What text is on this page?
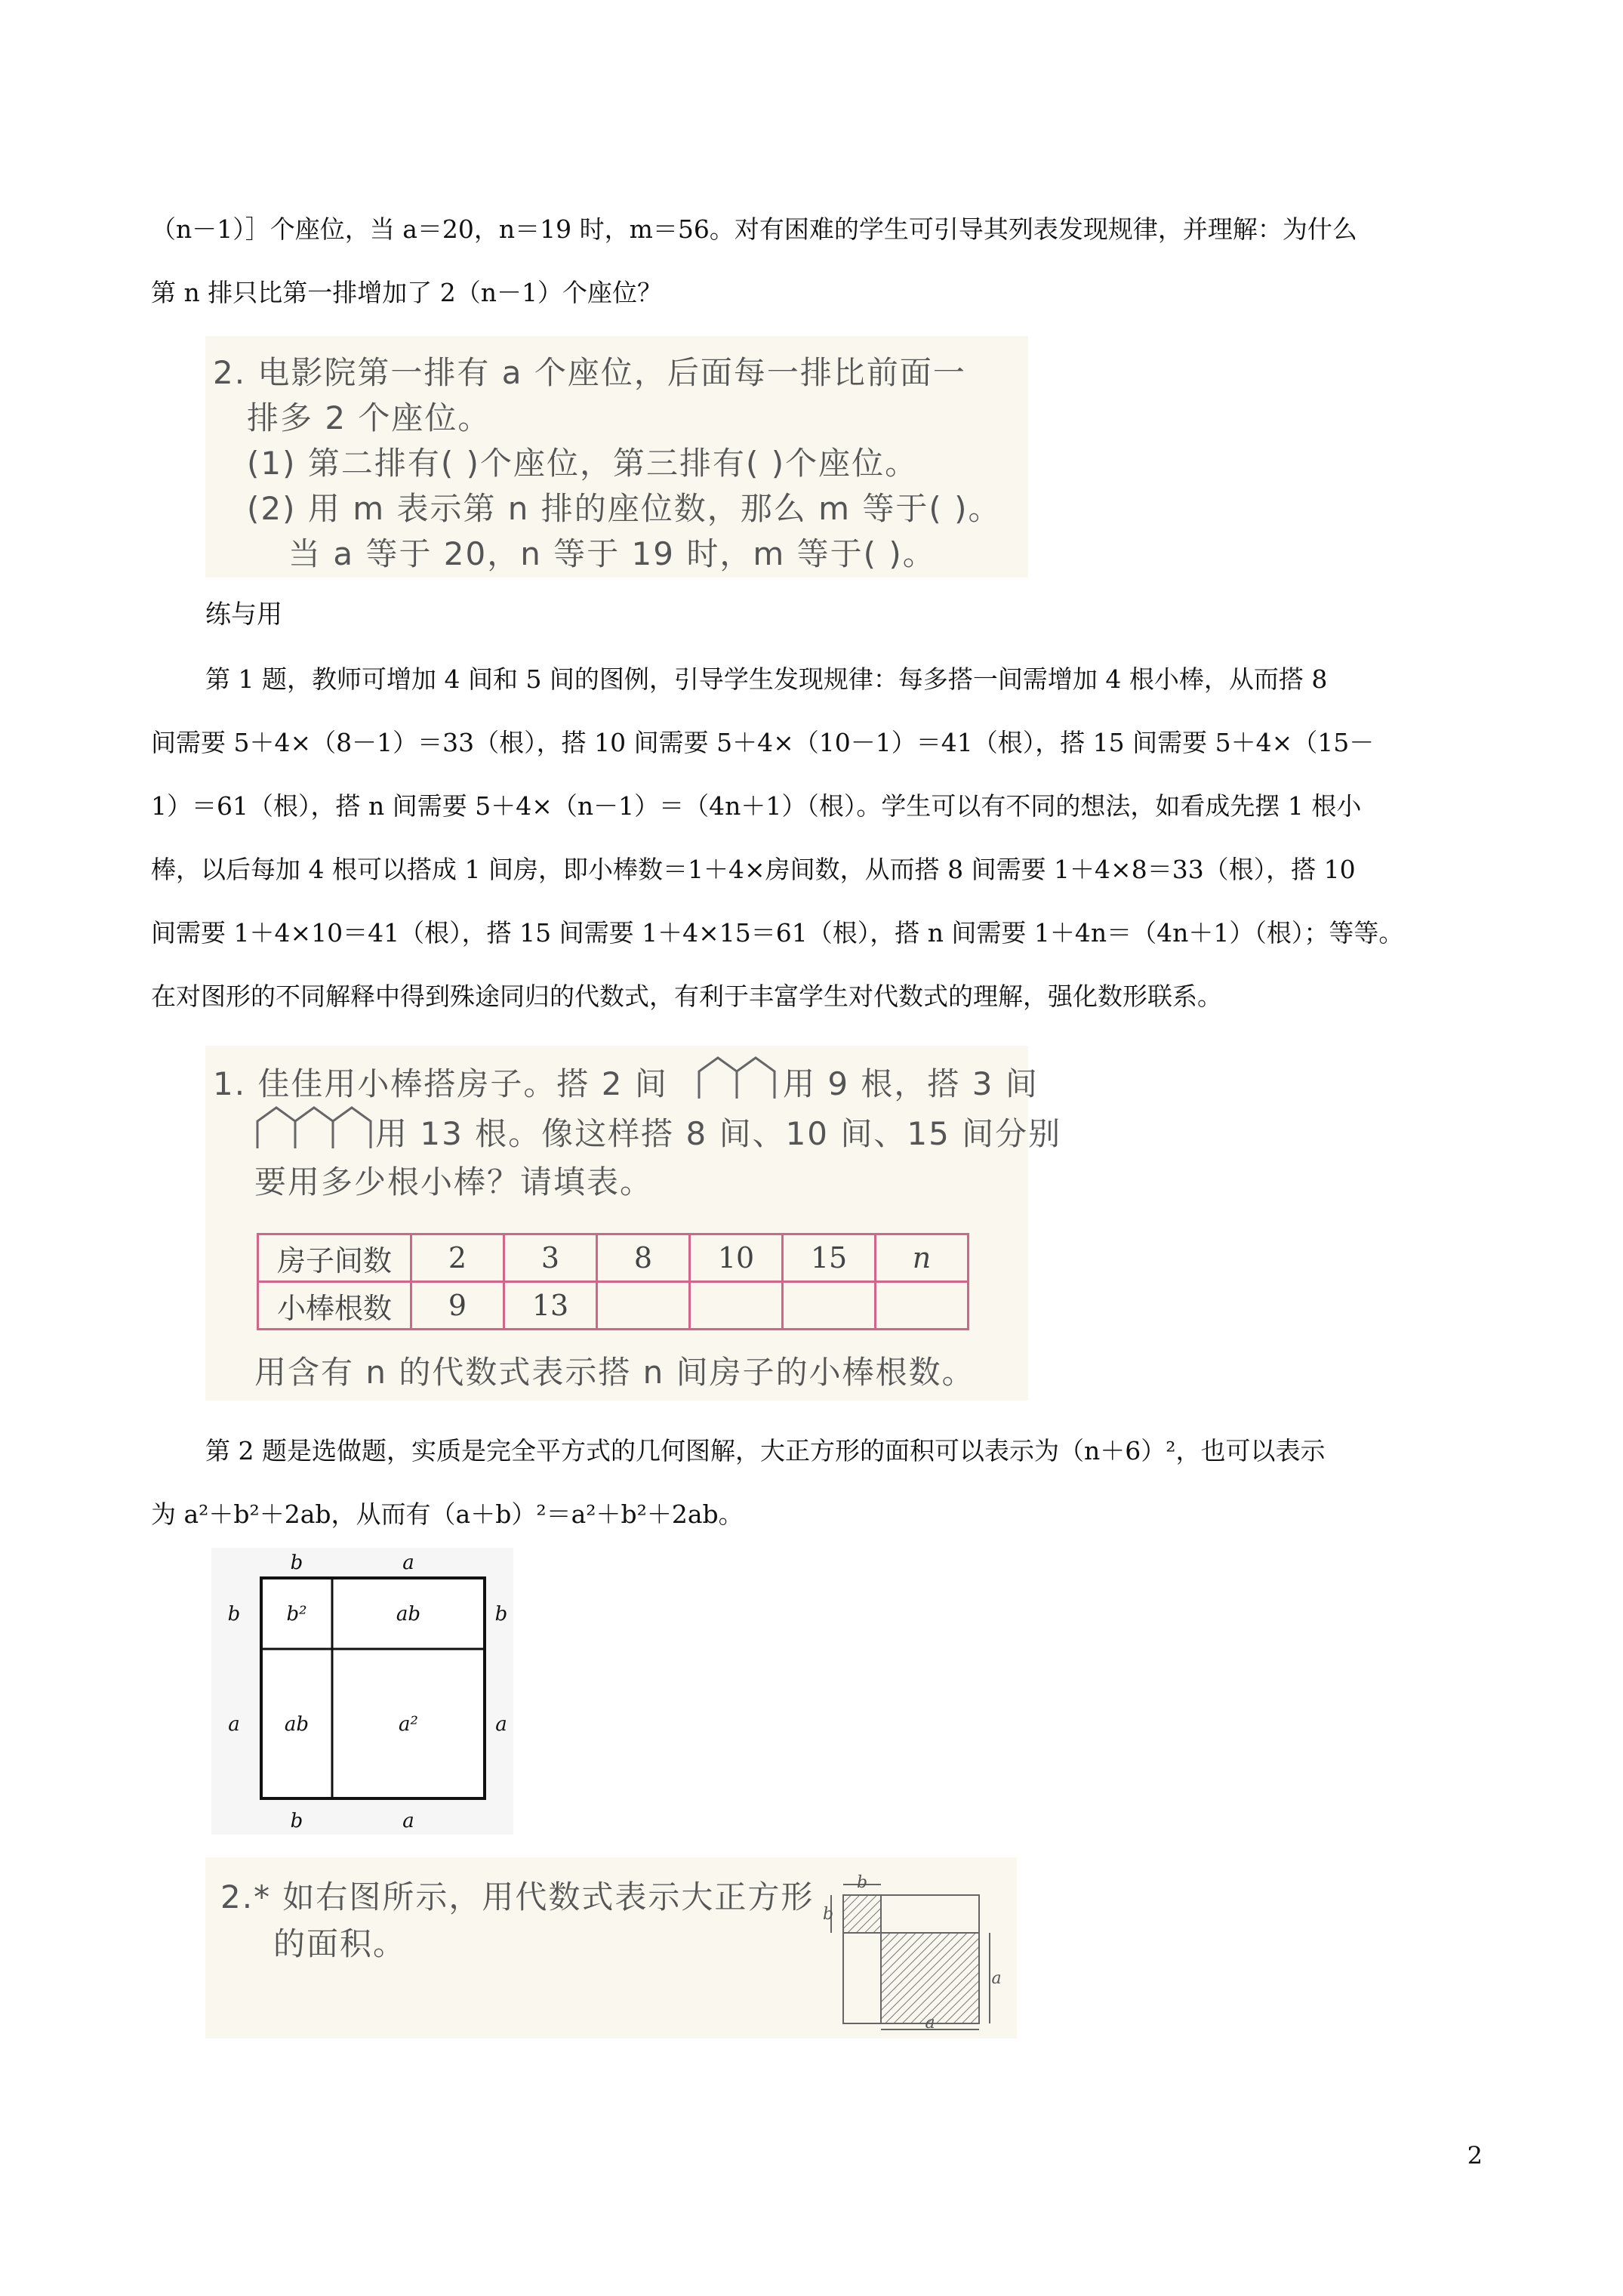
（n－1）］个座位，当 a＝20，n＝19 时，m＝56。对有困难的学生可引导其列表发现规律，并理解：为什么
第 n 排只比第一排增加了 2（n－1）个座位？
2. 电影院第一排有 a 个座位，后面每一排比前面一
排多 2 个座位。
(1) 第二排有( )个座位，第三排有( )个座位。
(2) 用 m 表示第 n 排的座位数，那么 m 等于( )。
当 a 等于 20，n 等于 19 时，m 等于( )。
练与用
第 1 题，教师可增加 4 间和 5 间的图例，引导学生发现规律：每多搭一间需增加 4 根小棒，从而搭 8
间需要 5＋4×（8－1）＝33（根），搭 10 间需要 5＋4×（10－1）＝41（根），搭 15 间需要 5＋4×（15－
1）＝61（根），搭 n 间需要 5＋4×（n－1）＝（4n＋1）（根）。学生可以有不同的想法，如看成先摆 1 根小
棒，以后每加 4 根可以搭成 1 间房，即小棒数＝1＋4×房间数，从而搭 8 间需要 1＋4×8＝33（根），搭 10
间需要 1＋4×10＝41（根），搭 15 间需要 1＋4×15＝61（根），搭 n 间需要 1＋4n＝（4n＋1）（根）；等等。
在对图形的不同解释中得到殊途同归的代数式，有利于丰富学生对代数式的理解，强化数形联系。
1. 佳佳用小棒搭房子。搭 2 间	用 9 根，搭 3 间
用 13 根。像这样搭 8 间、10 间、15 间分别
要用多少根小棒？请填表。
用含有 n 的代数式表示搭 n 间房子的小棒根数。
房子间数	2	3	8	10	15	n
小棒根数	9	13				
第 2 题是选做题，实质是完全平方式的几何图解，大正方形的面积可以表示为（n＋6）²，也可以表示
为 a²＋b²＋2ab，从而有（a＋b）²＝a²＋b²＋2ab。
b	a
b	a
b
a
b
a
b²	ab
ab	a²
2.* 如右图所示，用代数式表示大正方形
的面积。
b
b
a
a
2
